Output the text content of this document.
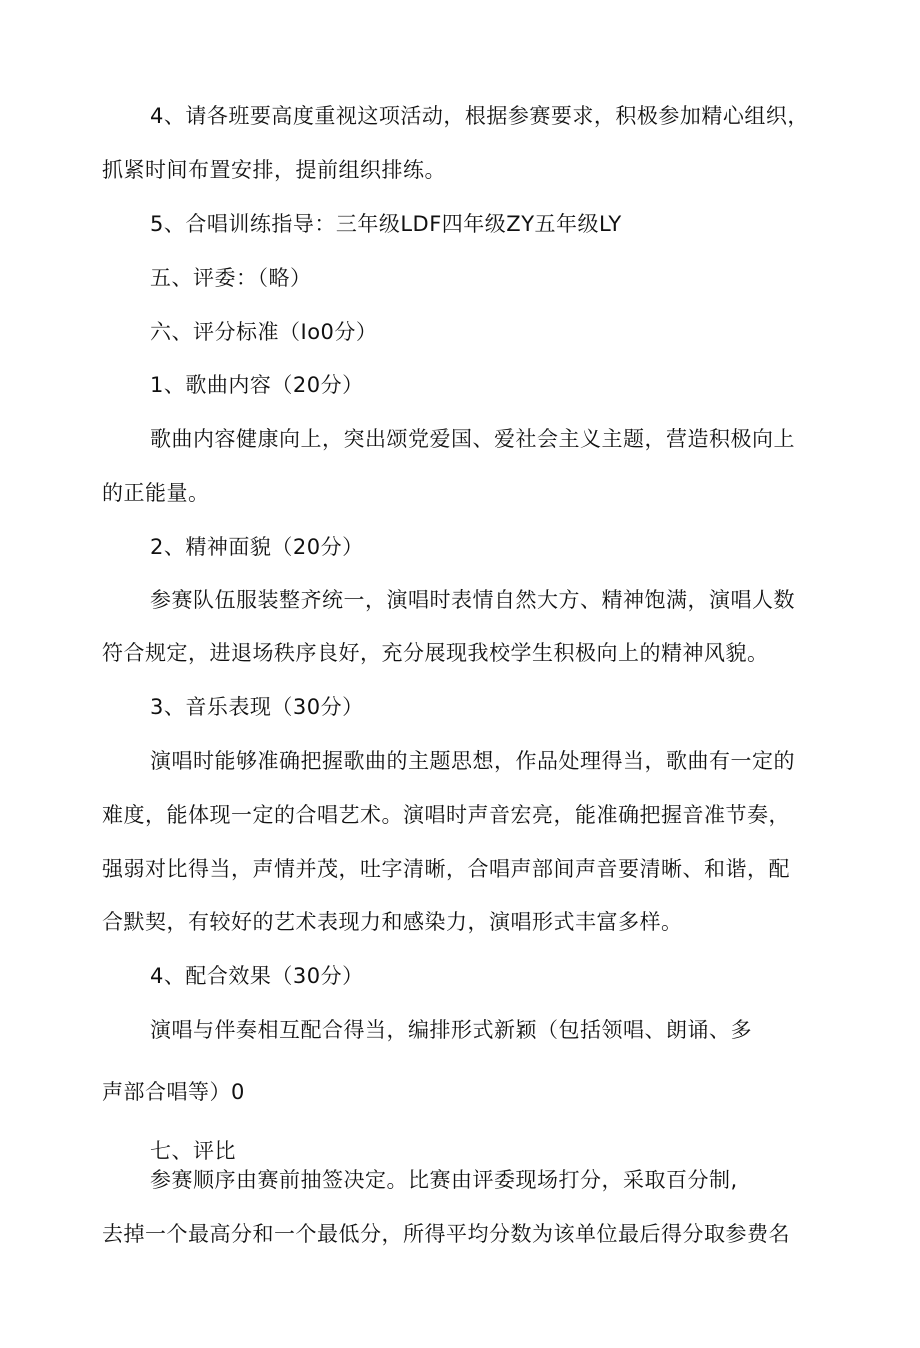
4、请各班要高度重视这项活动，根据参赛要求，积极参加精心组织，
抓紧时间布置安排，提前组织排练。
5、合唱训练指导：三年级LDF四年级ZY五年级LY
五、评委：（略）
六、评分标准（Io0分）
1、歌曲内容（20分）
歌曲内容健康向上，突出颂党爱国、爱社会主义主题，营造积极向上
的正能量。
2、精神面貌（20分）
参赛队伍服装整齐统一，演唱时表情自然大方、精神饱满，演唱人数
符合规定，进退场秩序良好，充分展现我校学生积极向上的精神风貌。
3、音乐表现（30分）
演唱时能够准确把握歌曲的主题思想，作品处理得当，歌曲有一定的
难度，能体现一定的合唱艺术。演唱时声音宏亮，能准确把握音准节奏，
强弱对比得当，声情并茂，吐字清晰，合唱声部间声音要清晰、和谐，配
合默契，有较好的艺术表现力和感染力，演唱形式丰富多样。
4、配合效果（30分）
演唱与伴奏相互配合得当，编排形式新颖（包括领唱、朗诵、多
声部合唱等）0
七、评比
参赛顺序由赛前抽签决定。比赛由评委现场打分，采取百分制,
去掉一个最高分和一个最低分，所得平均分数为该单位最后得分取参费名
